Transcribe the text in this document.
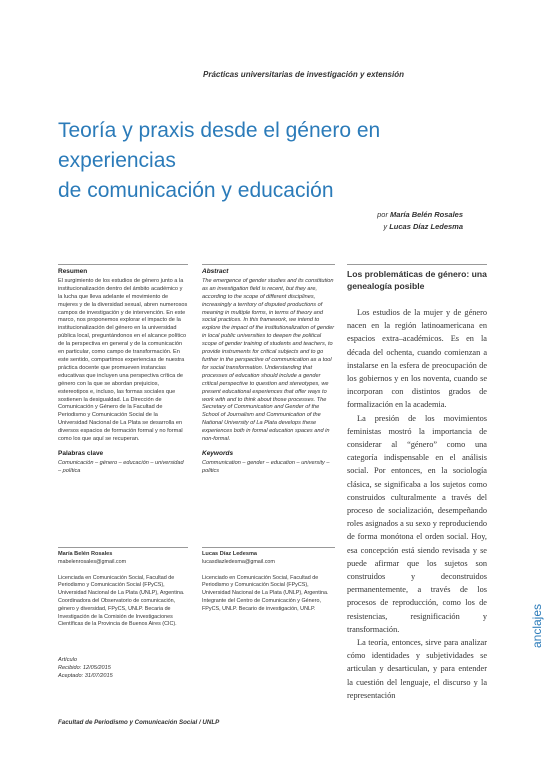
Prácticas universitarias de investigación y extensión
Teoría y praxis desde el género en experiencias
de comunicación y educación
por María Belén Rosales
y Lucas Díaz Ledesma
Resumen

El surgimiento de los estudios de género junto a la institucionalización dentro del ámbito académico y la lucha que lleva adelante el movimiento de mujeres y de la diversidad sexual, abren numerosos campos de investigación y de intervención. En este marco, nos proponemos explorar el impacto de la institucionalización del género en la universidad pública local, preguntándonos en el alcance político de la perspectiva en general y de la comunicación en particular, como campo de transformación. En este sentido, compartimos experiencias de nuestra práctica docente que promueven instancias educativas que incluyen una perspectiva crítica de género con la que se abordan prejuicios, estereotipos e, incluso, las formas sociales que sostienen la desigualdad. La Dirección de Comunicación y Género de la Facultad de Periodismo y Comunicación Social de la Universidad Nacional de La Plata se desarrolla en diversos espacios de formación formal y no formal como los que aquí se recuperan.

Palabras clave

Comunicación – género – educación – universidad – política

Abstract

The emergence of gender studies and its constitution as an investigation field is recent, but they are, according to the scope of different disciplines, increasingly a territory of disputed productions of meaning in multiple forms, in terms of theory and social practices. In this framework, we intend to explore the impact of the institutionalization of gender in local public universities to deepen the political scope of gender training of students and teachers, to provide instruments for critical subjects and to go further in the perspective of communication as a tool for social transformation. Understanding that processes of education should include a gender critical perspective to question and stereotypes, we present educational experiences that offer ways to work with and to think about those processes. The Secretary of Communication and Gender of the School of Journalism and Communication of the National University of La Plata develops these experiences both in formal education spaces and in non-formal.

Keywords

Communication – gender – education – university – politics

Los problemáticas de género: una genealogía posible

Los estudios de la mujer y de género nacen en la región latinoamericana en espacios extra–académicos. Es en la década del ochenta, cuando comienzan a instalarse en la esfera de preocupación de los gobiernos y en los noventa, cuando se incorporan con distintos grados de formalización en la academia.

La presión de los movimientos feministas mostró la importancia de considerar al “género” como una categoría indispensable en el análisis social. Por entonces, en la sociología clásica, se significaba a los sujetos como construidos culturalmente a través del proceso de socialización, desempeñando roles asignados a su sexo y reproduciendo de forma monótona el orden social. Hoy, esa concepción está siendo revisada y se puede afirmar que los sujetos son construidos y deconstruidos permanentemente, a través de los procesos de reproducción, como los de resistencias, resignificación y transformación.

La teoría, entonces, sirve para analizar cómo identidades y subjetividades se articulan y desarticulan, y para entender la cuestión del lenguaje, el discurso y la representación

María Belén Rosales
mabelenrosales@gmail.com

Licenciada en Comunicación Social, Facultad de Periodismo y Comunicación Social (FPyCS), Universidad Nacional de La Plata (UNLP), Argentina. Coordinadora del Observatorio de comunicación, género y diversidad, FPyCS, UNLP. Becaria de Investigación de la Comisión de Investigaciones Científicas de la Provincia de Buenos Aires (CIC).

Lucas Díaz Ledesma
lucasdiazledesma@gmail.com

Licenciado en Comunicación Social, Facultad de Periodismo y Comunicación Social (FPyCS), Universidad Nacional de La Plata (UNLP), Argentina. Integrante del Centro de Comunicación y Género, FPyCS, UNLP. Becario de investigación, UNLP.

Artículo
Recibido: 12/05/2015
Aceptado: 31/07/2015
Facultad de Periodismo y Comunicación Social / UNLP
anclajes
